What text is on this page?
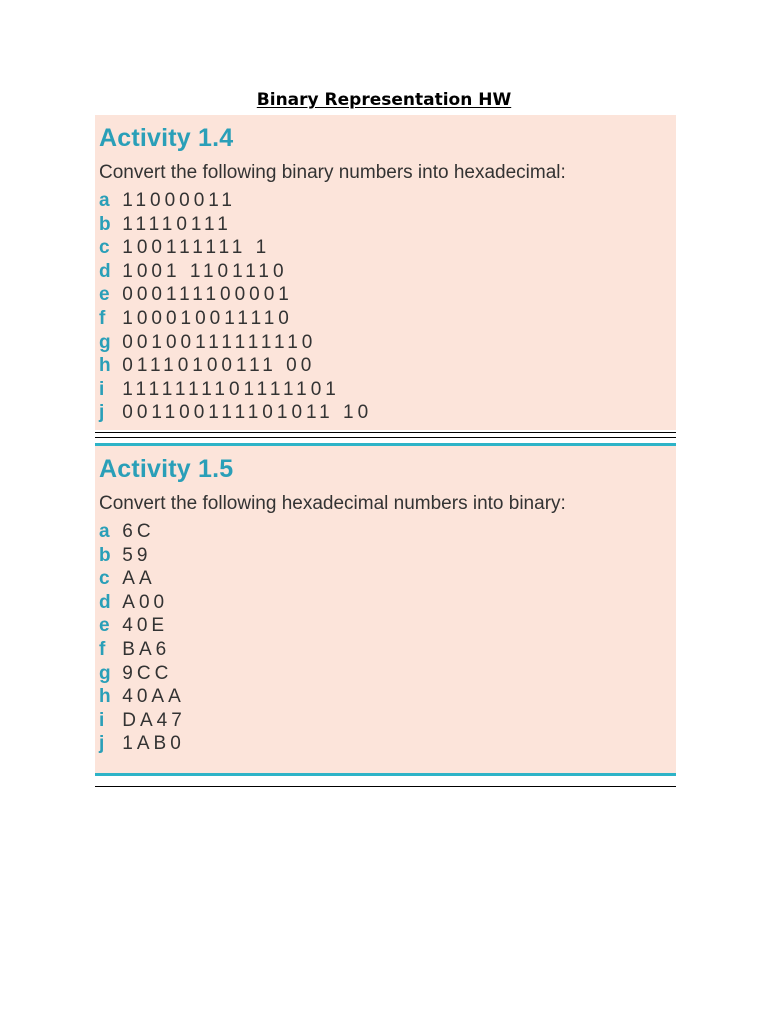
Binary Representation HW
Activity 1.4

Convert the following binary numbers into hexadecimal:

a 11000011
b 11110111
c 100111111 1
d 1001 1101110
e 000111100001
f 100010011110
g 00100111111110
h 01110100111 00
i 1111111101111101
j 001100111101011 10
Activity 1.5

Convert the following hexadecimal numbers into binary:

a 6C
b 59
c AA
d A00
e 40E
f BA6
g 9CC
h 40AA
i DA47
j 1AB0
